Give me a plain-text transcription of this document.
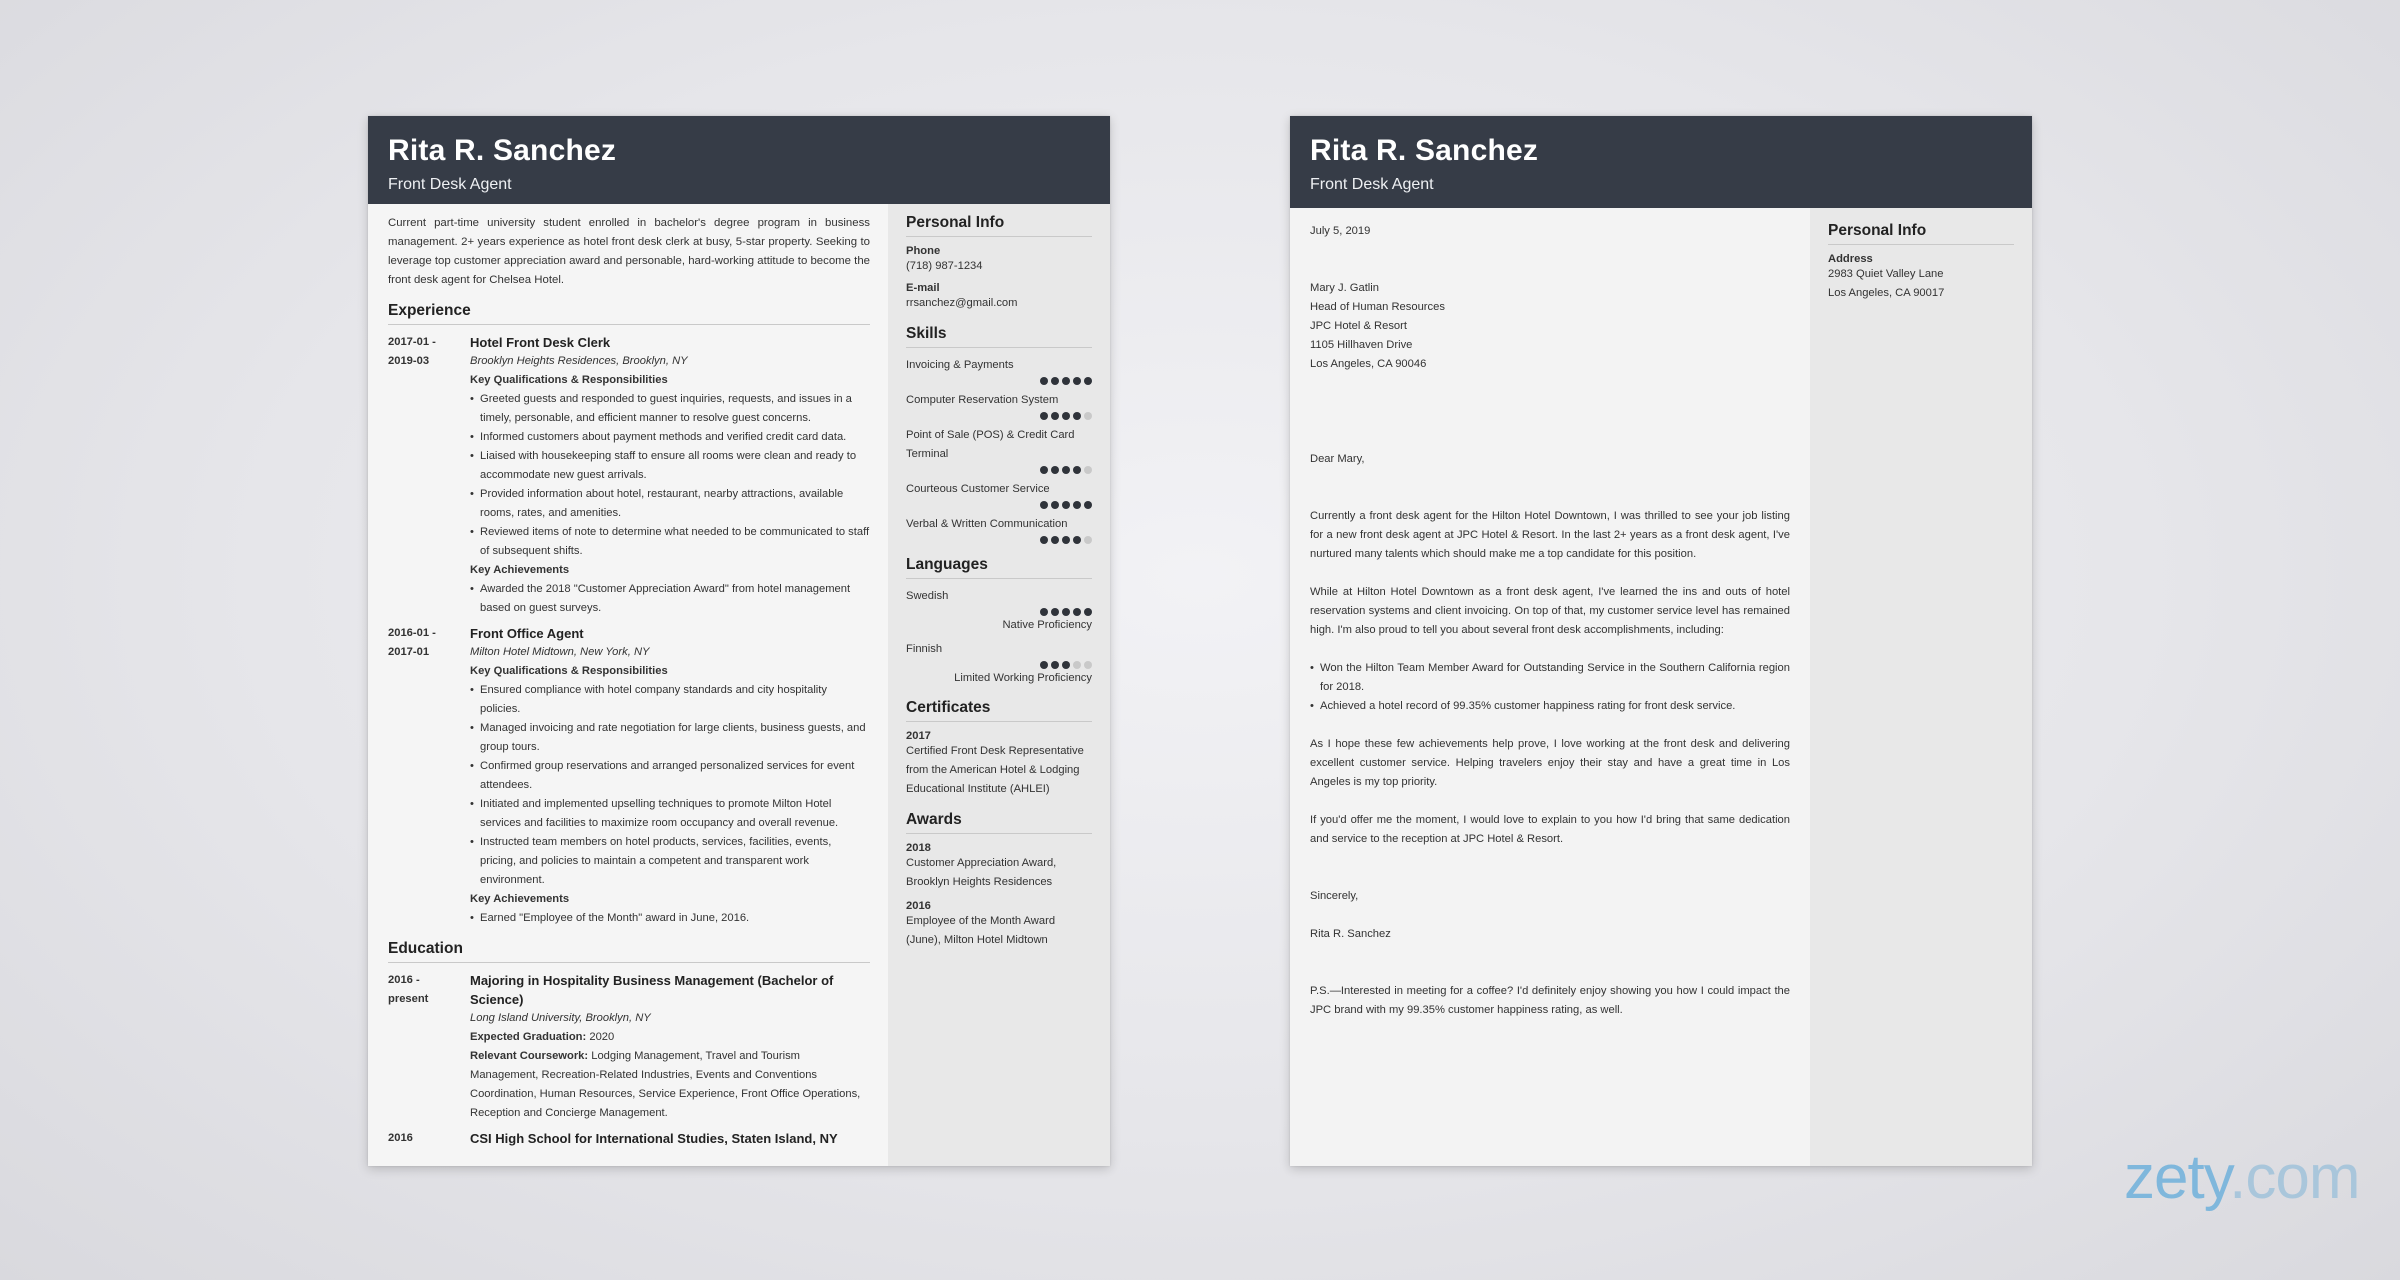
Rita R. Sanchez
Front Desk Agent

Current part-time university student enrolled in bachelor's degree program in business management. 2+ years experience as hotel front desk clerk at busy, 5-star property. Seeking to leverage top customer appreciation award and personable, hard-working attitude to become the front desk agent for Chelsea Hotel.

Experience
2017-01 -
2019-03
Hotel Front Desk Clerk
Brooklyn Heights Residences, Brooklyn, NY
Key Qualifications & Responsibilities
• Greeted guests and responded to guest inquiries, requests, and issues in a timely, personable, and efficient manner to resolve guest concerns.
• Informed customers about payment methods and verified credit card data.
• Liaised with housekeeping staff to ensure all rooms were clean and ready to accommodate new guest arrivals.
• Provided information about hotel, restaurant, nearby attractions, available rooms, rates, and amenities.
• Reviewed items of note to determine what needed to be communicated to staff of subsequent shifts.
Key Achievements
• Awarded the 2018 "Customer Appreciation Award" from hotel management based on guest surveys.
2016-01 -
2017-01
Front Office Agent
Milton Hotel Midtown, New York, NY
Key Qualifications & Responsibilities
• Ensured compliance with hotel company standards and city hospitality policies.
• Managed invoicing and rate negotiation for large clients, business guests, and group tours.
• Confirmed group reservations and arranged personalized services for event attendees.
• Initiated and implemented upselling techniques to promote Milton Hotel services and facilities to maximize room occupancy and overall revenue.
• Instructed team members on hotel products, services, facilities, events, pricing, and policies to maintain a competent and transparent work environment.
Key Achievements
• Earned "Employee of the Month" award in June, 2016.
Education
2016 -
present
Majoring in Hospitality Business Management (Bachelor of Science)
Long Island University, Brooklyn, NY
Expected Graduation: 2020
Relevant Coursework: Lodging Management, Travel and Tourism Management, Recreation-Related Industries, Events and Conventions Coordination, Human Resources, Service Experience, Front Office Operations, Reception and Concierge Management.
2016	CSI High School for International Studies, Staten Island, NY
Personal Info
Phone
(718) 987-1234
E-mail
rrsanchez@gmail.com
Skills
Invoicing & Payments
Computer Reservation System
Point of Sale (POS) & Credit Card Terminal
Courteous Customer Service
Verbal & Written Communication
Languages
Swedish
Native Proficiency
Finnish
Limited Working Proficiency
Certificates
2017
Certified Front Desk Representative from the American Hotel & Lodging Educational Institute (AHLEI)
Awards
2018
Customer Appreciation Award, Brooklyn Heights Residences
2016
Employee of the Month Award (June), Milton Hotel Midtown
Rita R. Sanchez
Front Desk Agent
July 5, 2019
Mary J. Gatlin
Head of Human Resources
JPC Hotel & Resort
1105 Hillhaven Drive
Los Angeles, CA 90046
Dear Mary,
Currently a front desk agent for the Hilton Hotel Downtown, I was thrilled to see your job listing for a new front desk agent at JPC Hotel & Resort. In the last 2+ years as a front desk agent, I've nurtured many talents which should make me a top candidate for this position.
While at Hilton Hotel Downtown as a front desk agent, I've learned the ins and outs of hotel reservation systems and client invoicing. On top of that, my customer service level has remained high. I'm also proud to tell you about several front desk accomplishments, including:
• Won the Hilton Team Member Award for Outstanding Service in the Southern California region for 2018.
• Achieved a hotel record of 99.35% customer happiness rating for front desk service.
As I hope these few achievements help prove, I love working at the front desk and delivering excellent customer service. Helping travelers enjoy their stay and have a great time in Los Angeles is my top priority.
If you'd offer me the moment, I would love to explain to you how I'd bring that same dedication and service to the reception at JPC Hotel & Resort.
Sincerely,
Rita R. Sanchez
P.S.—Interested in meeting for a coffee? I'd definitely enjoy showing you how I could impact the JPC brand with my 99.35% customer happiness rating, as well.
Personal Info
Address
2983 Quiet Valley Lane
Los Angeles, CA 90017
zety.com
